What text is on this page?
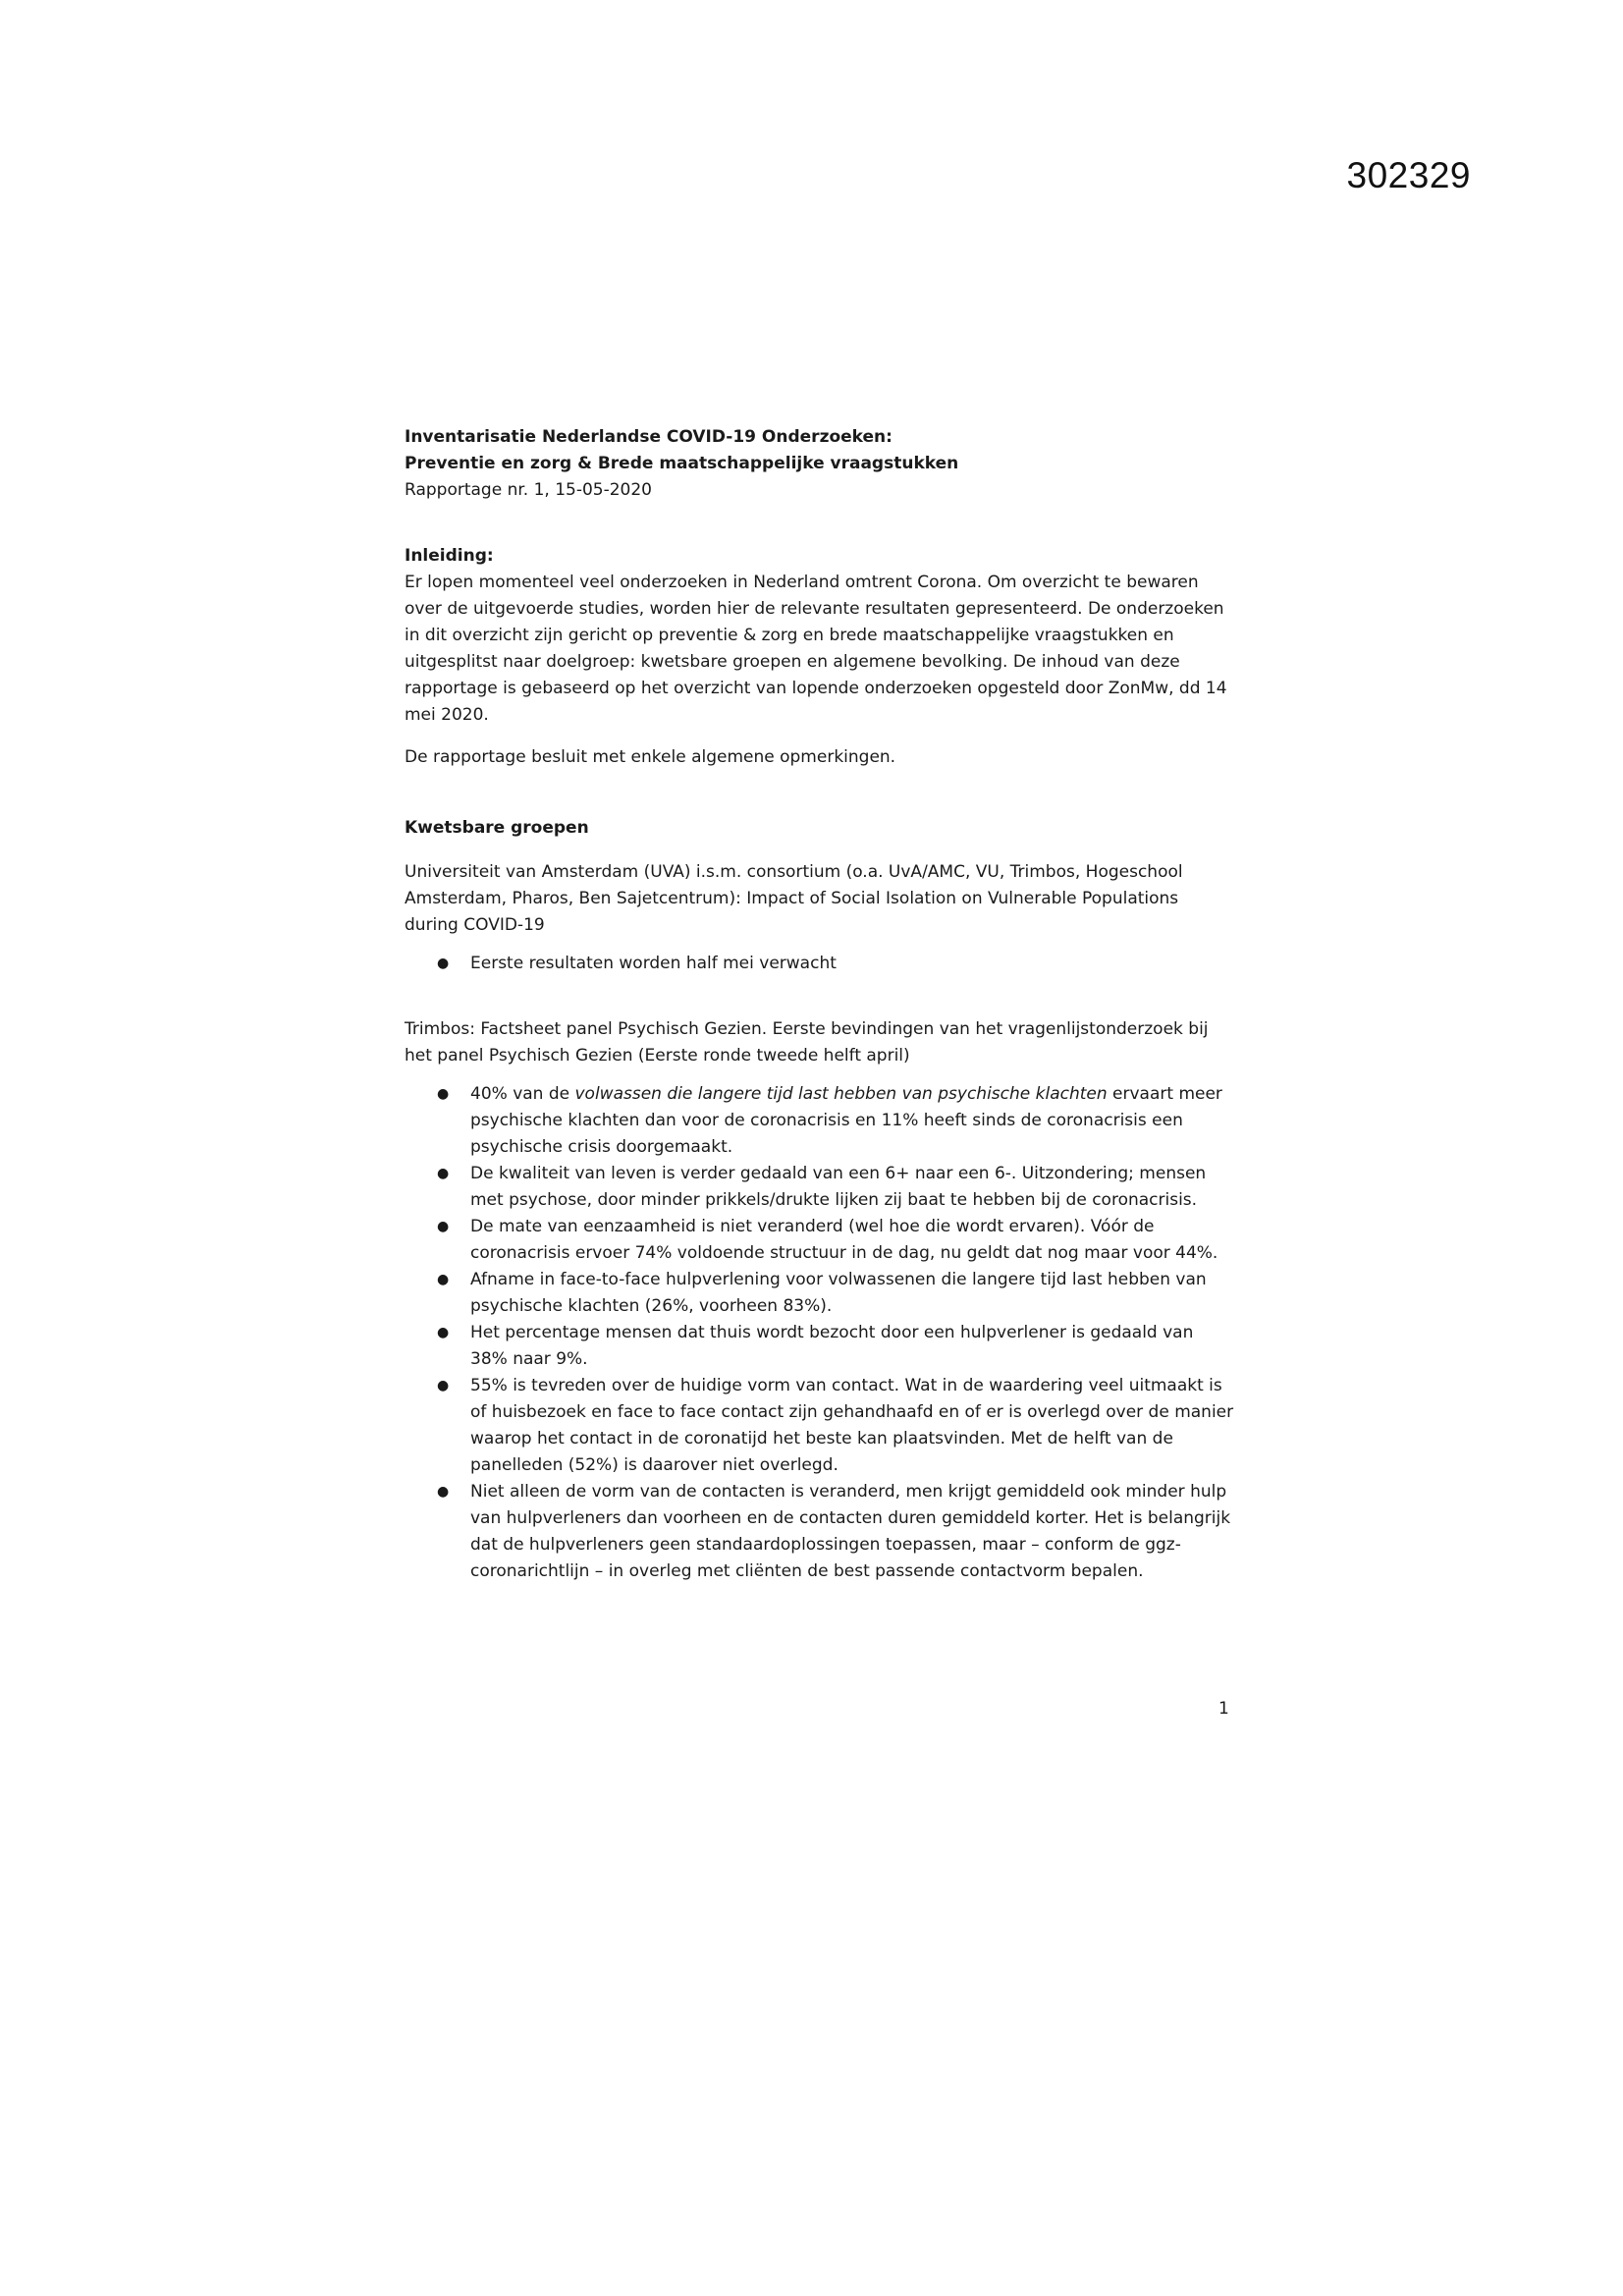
302329
Inventarisatie Nederlandse COVID-19 Onderzoeken:
Preventie en zorg & Brede maatschappelijke vraagstukken
Rapportage nr. 1, 15-05-2020
Inleiding:

Er lopen momenteel veel onderzoeken in Nederland omtrent Corona. Om overzicht te bewaren over de uitgevoerde studies, worden hier de relevante resultaten gepresenteerd. De onderzoeken in dit overzicht zijn gericht op preventie & zorg en brede maatschappelijke vraagstukken en uitgesplitst naar doelgroep: kwetsbare groepen en algemene bevolking. De inhoud van deze rapportage is gebaseerd op het overzicht van lopende onderzoeken opgesteld door ZonMw, dd 14 mei 2020.

De rapportage besluit met enkele algemene opmerkingen.

Kwetsbare groepen

Universiteit van Amsterdam (UVA) i.s.m. consortium (o.a. UvA/AMC, VU, Trimbos, Hogeschool Amsterdam, Pharos, Ben Sajetcentrum): Impact of Social Isolation on Vulnerable Populations during COVID-19

● Eerste resultaten worden half mei verwacht

Trimbos: Factsheet panel Psychisch Gezien. Eerste bevindingen van het vragenlijstonderzoek bij het panel Psychisch Gezien (Eerste ronde tweede helft april)

● 40% van de volwassen die langere tijd last hebben van psychische klachten ervaart meer psychische klachten dan voor de coronacrisis en 11% heeft sinds de coronacrisis een psychische crisis doorgemaakt.
● De kwaliteit van leven is verder gedaald van een 6+ naar een 6-. Uitzondering; mensen met psychose, door minder prikkels/drukte lijken zij baat te hebben bij de coronacrisis.
● De mate van eenzaamheid is niet veranderd (wel hoe die wordt ervaren). Vóór de coronacrisis ervoer 74% voldoende structuur in de dag, nu geldt dat nog maar voor 44%.
● Afname in face-to-face hulpverlening voor volwassenen die langere tijd last hebben van psychische klachten (26%, voorheen 83%).
● Het percentage mensen dat thuis wordt bezocht door een hulpverlener is gedaald van 38% naar 9%.
● 55% is tevreden over de huidige vorm van contact. Wat in de waardering veel uitmaakt is of huisbezoek en face to face contact zijn gehandhaafd en of er is overlegd over de manier waarop het contact in de coronatijd het beste kan plaatsvinden. Met de helft van de panelleden (52%) is daarover niet overlegd.
● Niet alleen de vorm van de contacten is veranderd, men krijgt gemiddeld ook minder hulp van hulpverleners dan voorheen en de contacten duren gemiddeld korter. Het is belangrijk dat de hulpverleners geen standaardoplossingen toepassen, maar – conform de ggz-coronarichtlijn – in overleg met cliënten de best passende contactvorm bepalen.
1
